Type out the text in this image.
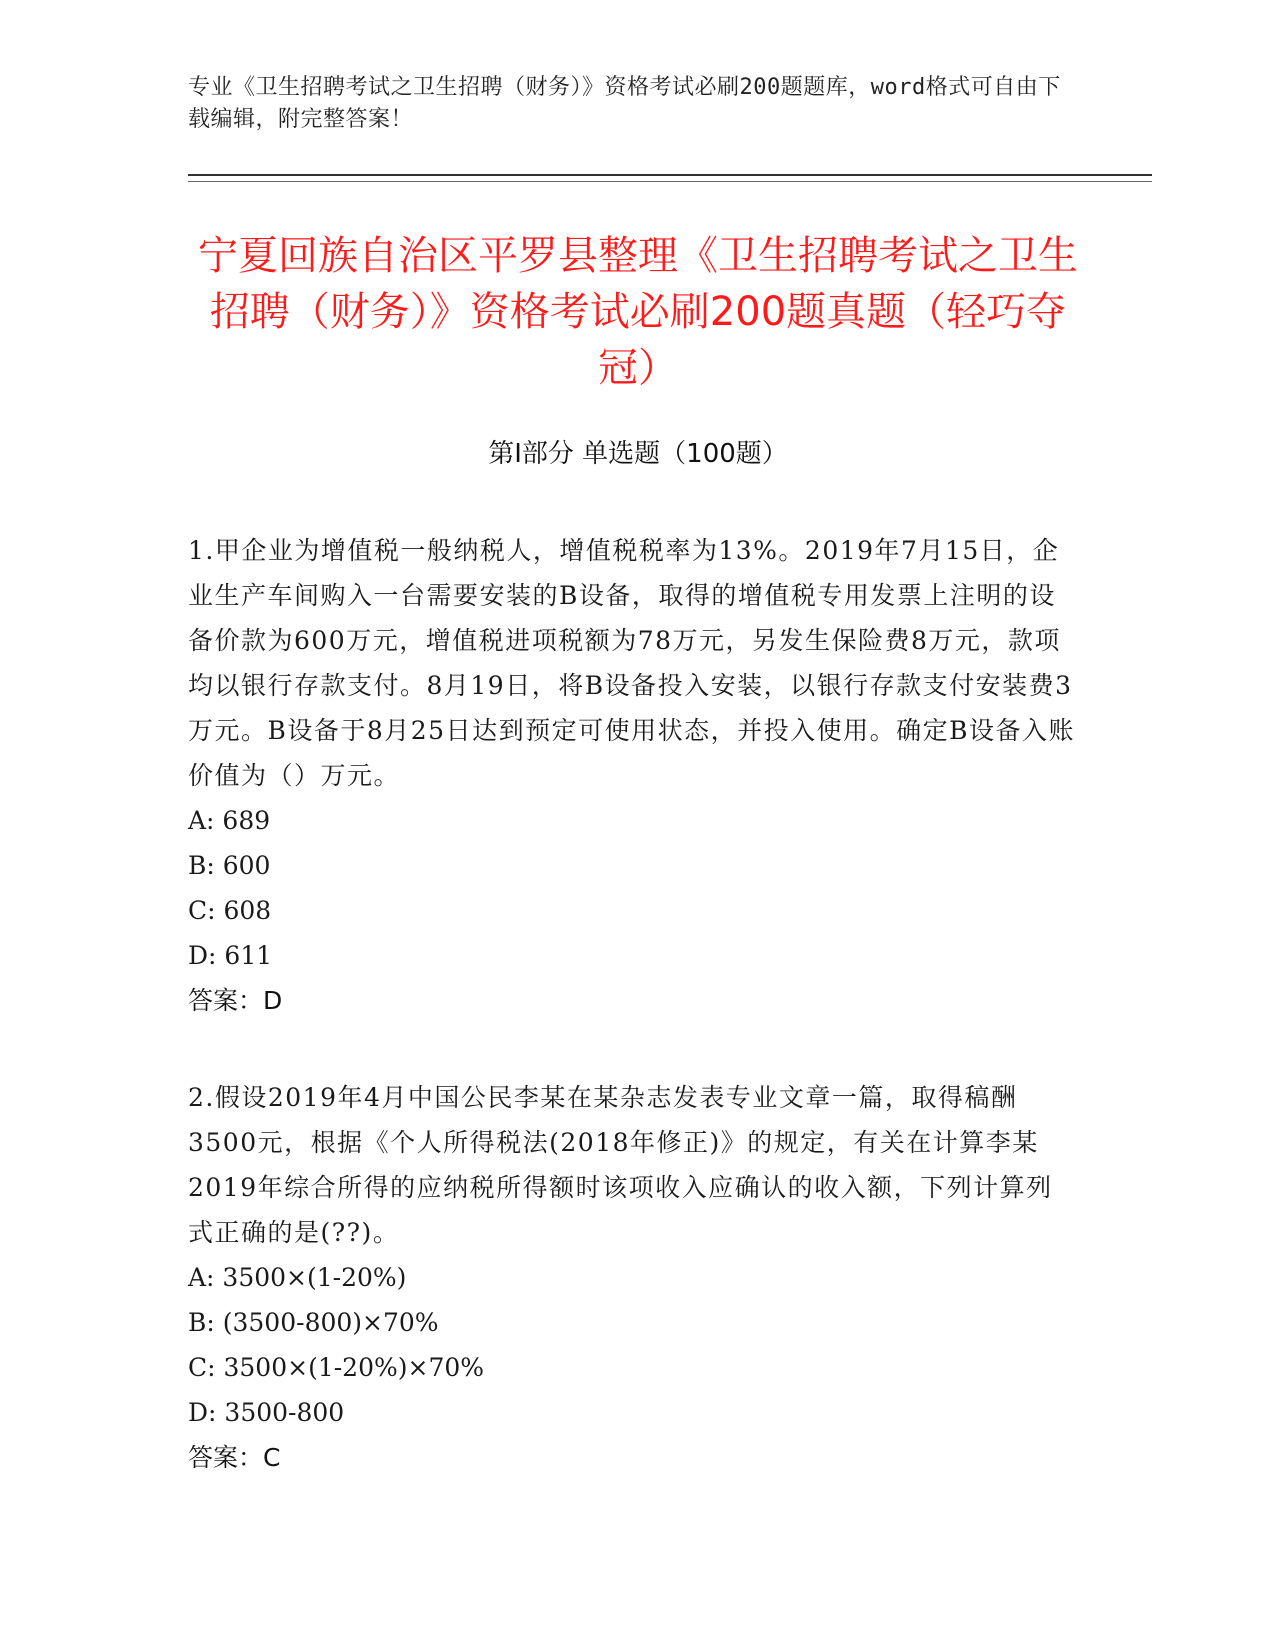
专业《卫生招聘考试之卫生招聘（财务）》资格考试必刷200题题库，word格式可自由下载编辑，附完整答案！
宁夏回族自治区平罗县整理《卫生招聘考试之卫生招聘（财务）》资格考试必刷200题真题（轻巧夺冠）
第Ⅰ部分 单选题（100题）

1.甲企业为增值税一般纳税人，增值税税率为13%。2019年7月15日，企业生产车间购入一台需要安装的B设备，取得的增值税专用发票上注明的设备价款为600万元，增值税进项税额为78万元，另发生保险费8万元，款项均以银行存款支付。8月19日，将B设备投入安装，以银行存款支付安装费3万元。B设备于8月25日达到预定可使用状态，并投入使用。确定B设备入账价值为（）万元。

A: 689

B: 600

C: 608

D: 611

答案：D

2.假设2019年4月中国公民李某在某杂志发表专业文章一篇，取得稿酬3500元，根据《个人所得税法(2018年修正)》的规定，有关在计算李某2019年综合所得的应纳税所得额时该项收入应确认的收入额，下列计算列式正确的是(??)。

A: 3500×(1-20%)

B: (3500-800)×70%

C: 3500×(1-20%)×70%

D: 3500-800

答案：C
